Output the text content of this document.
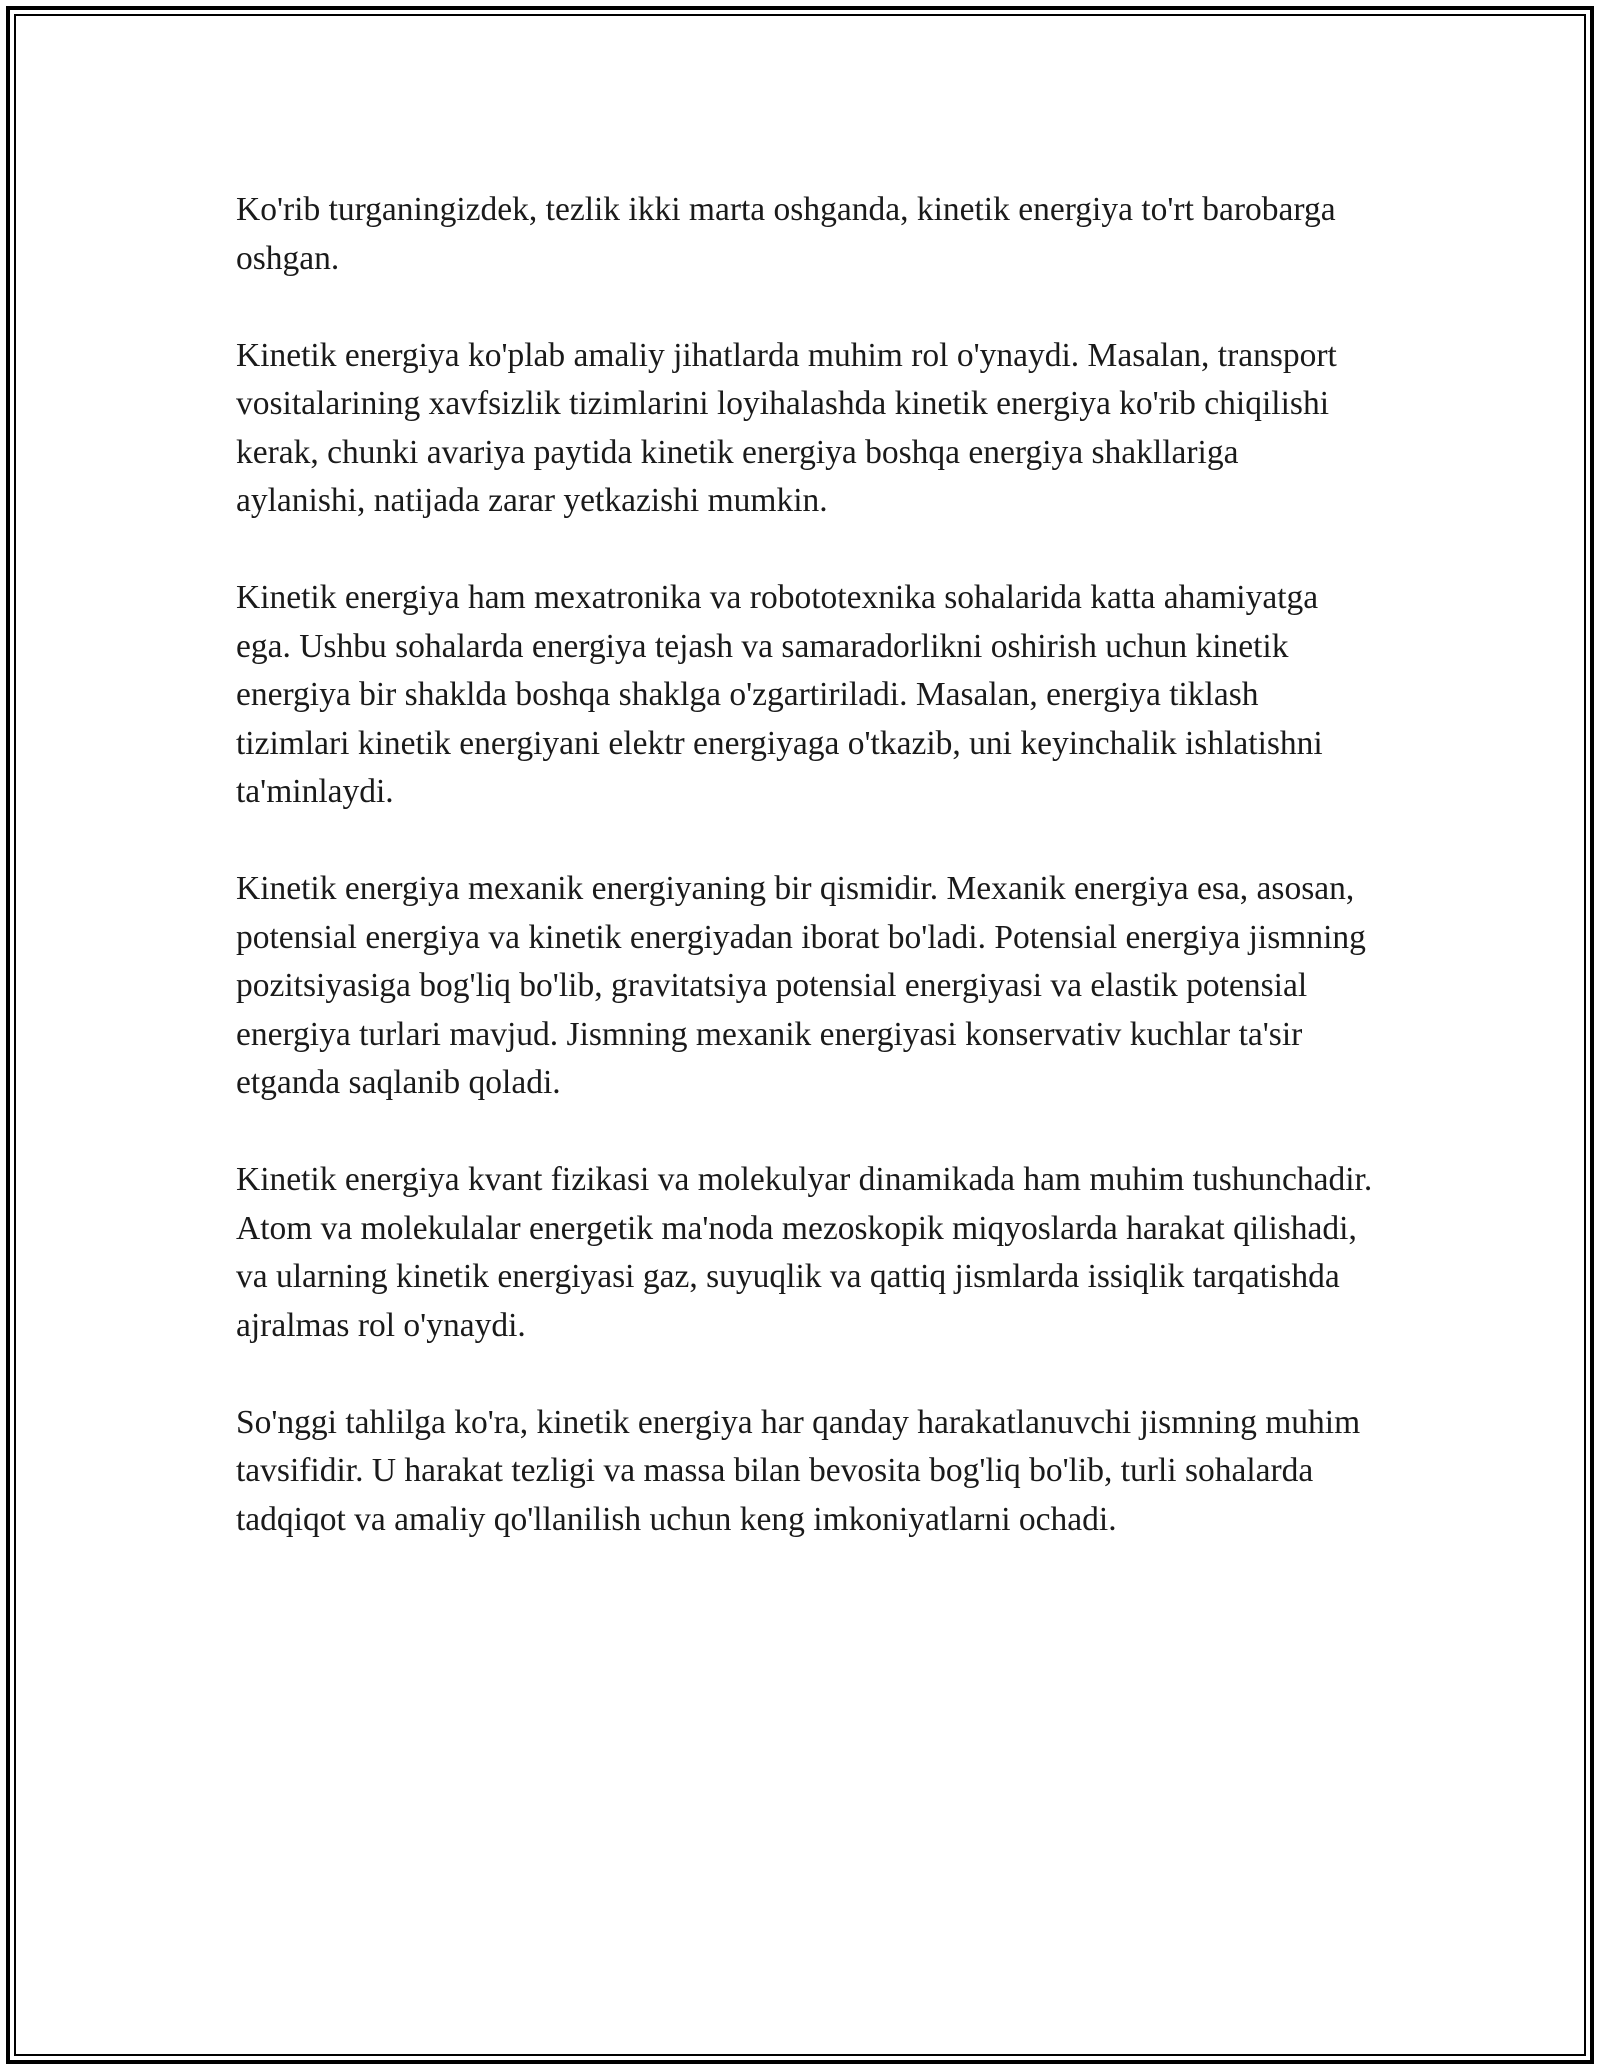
Ko'rib turganingizdek, tezlik ikki marta oshganda, kinetik energiya to'rt barobarga oshgan.

Kinetik energiya ko'plab amaliy jihatlarda muhim rol o'ynaydi. Masalan, transport vositalarining xavfsizlik tizimlarini loyihalashda kinetik energiya ko'rib chiqilishi kerak, chunki avariya paytida kinetik energiya boshqa energiya shakllariga aylanishi, natijada zarar yetkazishi mumkin.

Kinetik energiya ham mexatronika va robototexnika sohalarida katta ahamiyatga ega. Ushbu sohalarda energiya tejash va samaradorlikni oshirish uchun kinetik energiya bir shaklda boshqa shaklga o'zgartiriladi. Masalan, energiya tiklash tizimlari kinetik energiyani elektr energiyaga o'tkazib, uni keyinchalik ishlatishni ta'minlaydi.

Kinetik energiya mexanik energiyaning bir qismidir. Mexanik energiya esa, asosan, potensial energiya va kinetik energiyadan iborat bo'ladi. Potensial energiya jismning pozitsiyasiga bog'liq bo'lib, gravitatsiya potensial energiyasi va elastik potensial energiya turlari mavjud. Jismning mexanik energiyasi konservativ kuchlar ta'sir etganda saqlanib qoladi.

Kinetik energiya kvant fizikasi va molekulyar dinamikada ham muhim tushunchadir. Atom va molekulalar energetik ma'noda mezoskopik miqyoslarda harakat qilishadi, va ularning kinetik energiyasi gaz, suyuqlik va qattiq jismlarda issiqlik tarqatishda ajralmas rol o'ynaydi.

So'nggi tahlilga ko'ra, kinetik energiya har qanday harakatlanuvchi jismning muhim tavsifidir. U harakat tezligi va massa bilan bevosita bog'liq bo'lib, turli sohalarda tadqiqot va amaliy qo'llanilish uchun keng imkoniyatlarni ochadi.
